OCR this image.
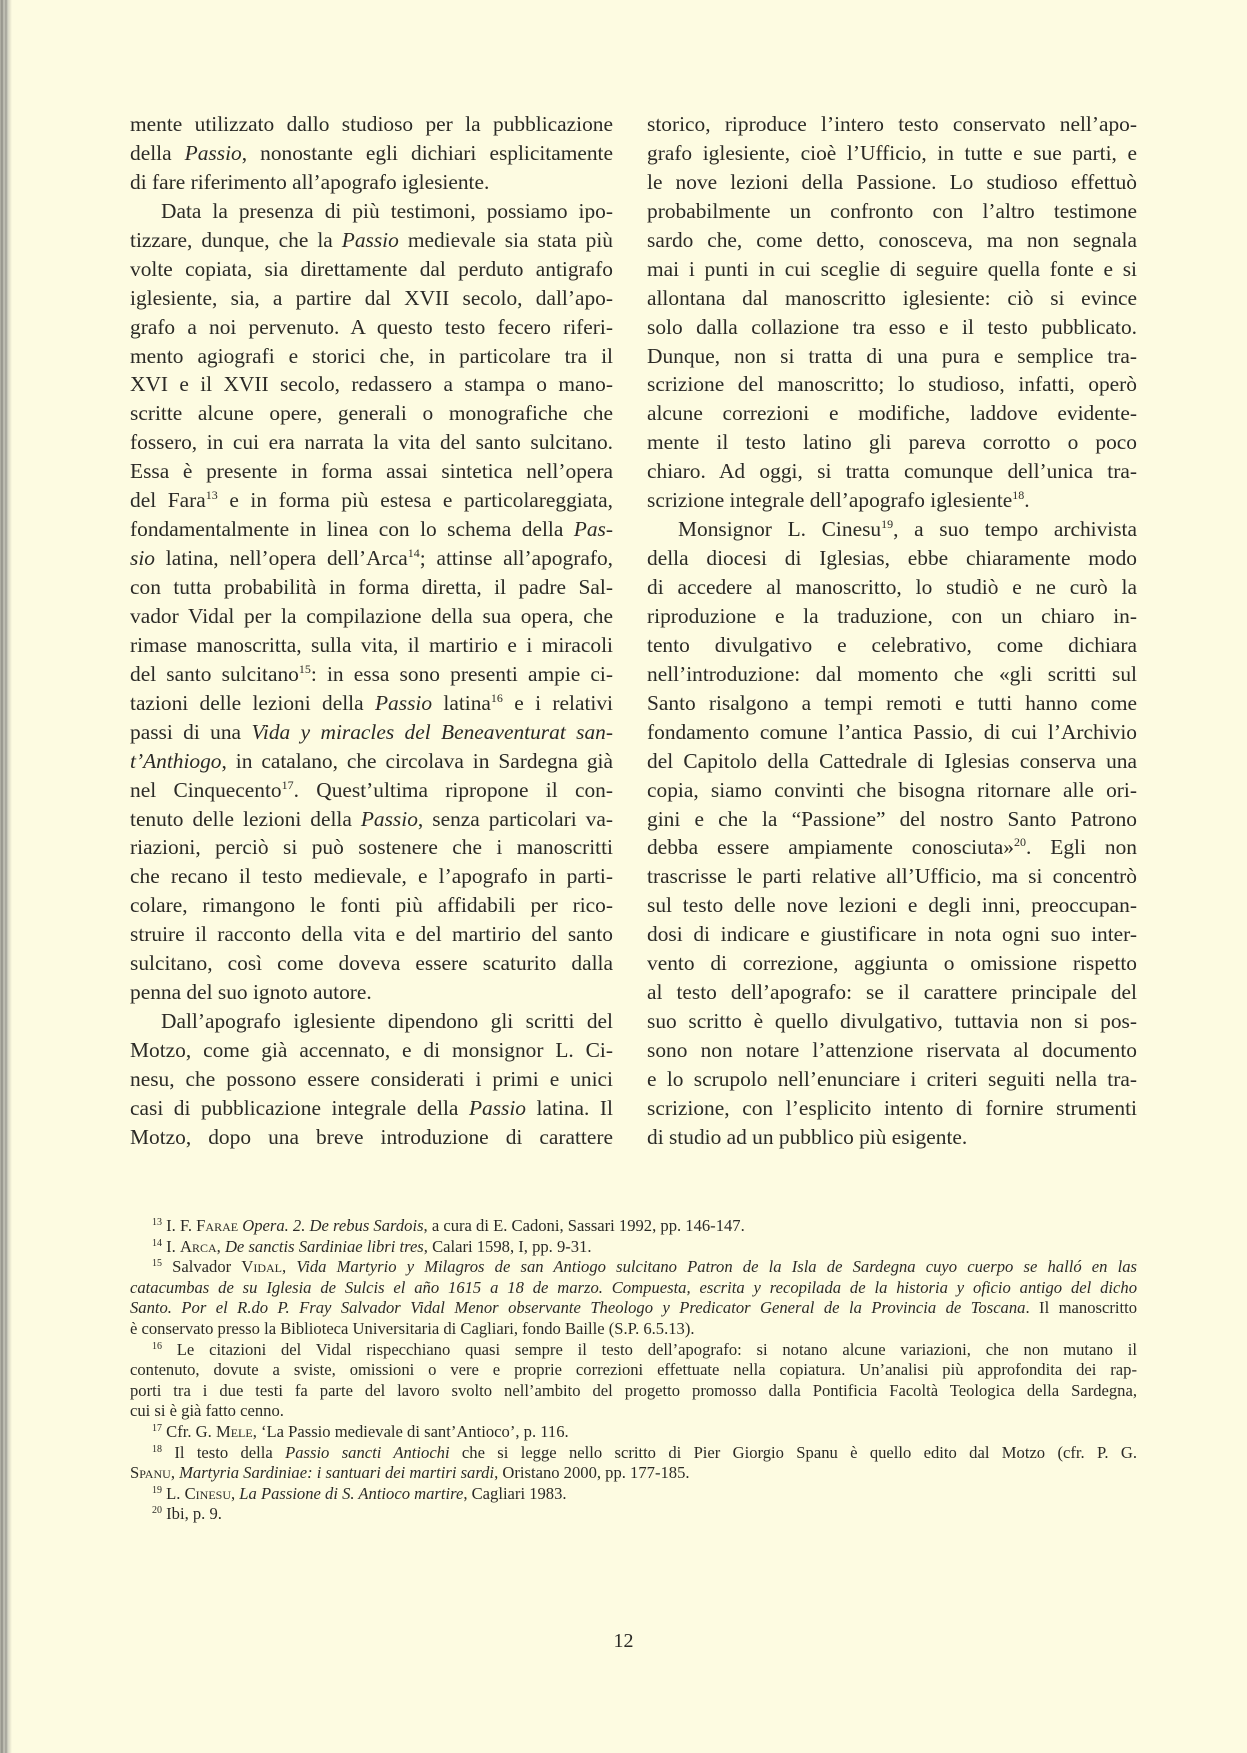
mente utilizzato dallo studioso per la pubblicazione
della Passio, nonostante egli dichiari esplicitamente
di fare riferimento all’apografo iglesiente.
Data la presenza di più testimoni, possiamo ipo-
tizzare, dunque, che la Passio medievale sia stata più
volte copiata, sia direttamente dal perduto antigrafo
iglesiente, sia, a partire dal XVII secolo, dall’apo-
grafo a noi pervenuto. A questo testo fecero riferi-
mento agiografi e storici che, in particolare tra il
XVI e il XVII secolo, redassero a stampa o mano-
scritte alcune opere, generali o monografiche che
fossero, in cui era narrata la vita del santo sulcitano.
Essa è presente in forma assai sintetica nell’opera
del Fara$^{13}$ e in forma più estesa e particolareggiata,
fondamentalmente in linea con lo schema della Pas-
sio latina, nell’opera dell’Arca$^{14}$; attinse all’apografo,
con tutta probabilità in forma diretta, il padre Sal-
vador Vidal per la compilazione della sua opera, che
rimase manoscritta, sulla vita, il martirio e i miracoli
del santo sulcitano$^{15}$: in essa sono presenti ampie ci-
tazioni delle lezioni della Passio latina$^{16}$ e i relativi
passi di una Vida y miracles del Beneaventurat san-
t’Anthiogo, in catalano, che circolava in Sardegna già
nel Cinquecento$^{17}$. Quest’ultima ripropone il con-
tenuto delle lezioni della Passio, senza particolari va-
riazioni, perciò si può sostenere che i manoscritti
che recano il testo medievale, e l’apografo in parti-
colare, rimangono le fonti più affidabili per rico-
struire il racconto della vita e del martirio del santo
sulcitano, così come doveva essere scaturito dalla
penna del suo ignoto autore.
Dall’apografo iglesiente dipendono gli scritti del
Motzo, come già accennato, e di monsignor L. Ci-
nesu, che possono essere considerati i primi e unici
casi di pubblicazione integrale della Passio latina. Il
Motzo, dopo una breve introduzione di carattere
storico, riproduce l’intero testo conservato nell’apo-
grafo iglesiente, cioè l’Ufficio, in tutte e sue parti, e
le nove lezioni della Passione. Lo studioso effettuò
probabilmente un confronto con l’altro testimone
sardo che, come detto, conosceva, ma non segnala
mai i punti in cui sceglie di seguire quella fonte e si
allontana dal manoscritto iglesiente: ciò si evince
solo dalla collazione tra esso e il testo pubblicato.
Dunque, non si tratta di una pura e semplice tra-
scrizione del manoscritto; lo studioso, infatti, operò
alcune correzioni e modifiche, laddove evidente-
mente il testo latino gli pareva corrotto o poco
chiaro. Ad oggi, si tratta comunque dell’unica tra-
scrizione integrale dell’apografo iglesiente$^{18}$.
Monsignor L. Cinesu$^{19}$, a suo tempo archivista
della diocesi di Iglesias, ebbe chiaramente modo
di accedere al manoscritto, lo studiò e ne curò la
riproduzione e la traduzione, con un chiaro in-
tento divulgativo e celebrativo, come dichiara
nell’introduzione: dal momento che «gli scritti sul
Santo risalgono a tempi remoti e tutti hanno come
fondamento comune l’antica Passio, di cui l’Archivio
del Capitolo della Cattedrale di Iglesias conserva una
copia, siamo convinti che bisogna ritornare alle ori-
gini e che la “Passione” del nostro Santo Patrono
debba essere ampiamente conosciuta»$^{20}$. Egli non
trascrisse le parti relative all’Ufficio, ma si concentrò
sul testo delle nove lezioni e degli inni, preoccupan-
dosi di indicare e giustificare in nota ogni suo inter-
vento di correzione, aggiunta o omissione rispetto
al testo dell’apografo: se il carattere principale del
suo scritto è quello divulgativo, tuttavia non si pos-
sono non notare l’attenzione riservata al documento
e lo scrupolo nell’enunciare i criteri seguiti nella tra-
scrizione, con l’esplicito intento di fornire strumenti
di studio ad un pubblico più esigente.
$^{13}$ I. F. Farae Opera. 2. De rebus Sardois, a cura di E. Cadoni, Sassari 1992, pp. 146-147.
$^{14}$ I. Arca, De sanctis Sardiniae libri tres, Calari 1598, I, pp. 9-31.
$^{15}$ Salvador Vidal, Vida Martyrio y Milagros de san Antiogo sulcitano Patron de la Isla de Sardegna cuyo cuerpo se halló en las
catacumbas de su Iglesia de Sulcis el año 1615 a 18 de marzo. Compuesta, escrita y recopilada de la historia y oficio antigo del dicho
Santo. Por el R.do P. Fray Salvador Vidal Menor observante Theologo y Predicator General de la Provincia de Toscana. Il manoscritto
è conservato presso la Biblioteca Universitaria di Cagliari, fondo Baille (S.P. 6.5.13).
$^{16}$ Le citazioni del Vidal rispecchiano quasi sempre il testo dell’apografo: si notano alcune variazioni, che non mutano il
contenuto, dovute a sviste, omissioni o vere e proprie correzioni effettuate nella copiatura. Un’analisi più approfondita dei rap-
porti tra i due testi fa parte del lavoro svolto nell’ambito del progetto promosso dalla Pontificia Facoltà Teologica della Sardegna,
cui si è già fatto cenno.
$^{17}$ Cfr. G. Mele, ‘La Passio medievale di sant’Antioco’, p. 116.
$^{18}$ Il testo della Passio sancti Antiochi che si legge nello scritto di Pier Giorgio Spanu è quello edito dal Motzo (cfr. P. G.
Spanu, Martyria Sardiniae: i santuari dei martiri sardi, Oristano 2000, pp. 177-185.
$^{19}$ L. Cinesu, La Passione di S. Antioco martire, Cagliari 1983.
$^{20}$ Ibi, p. 9.
12
